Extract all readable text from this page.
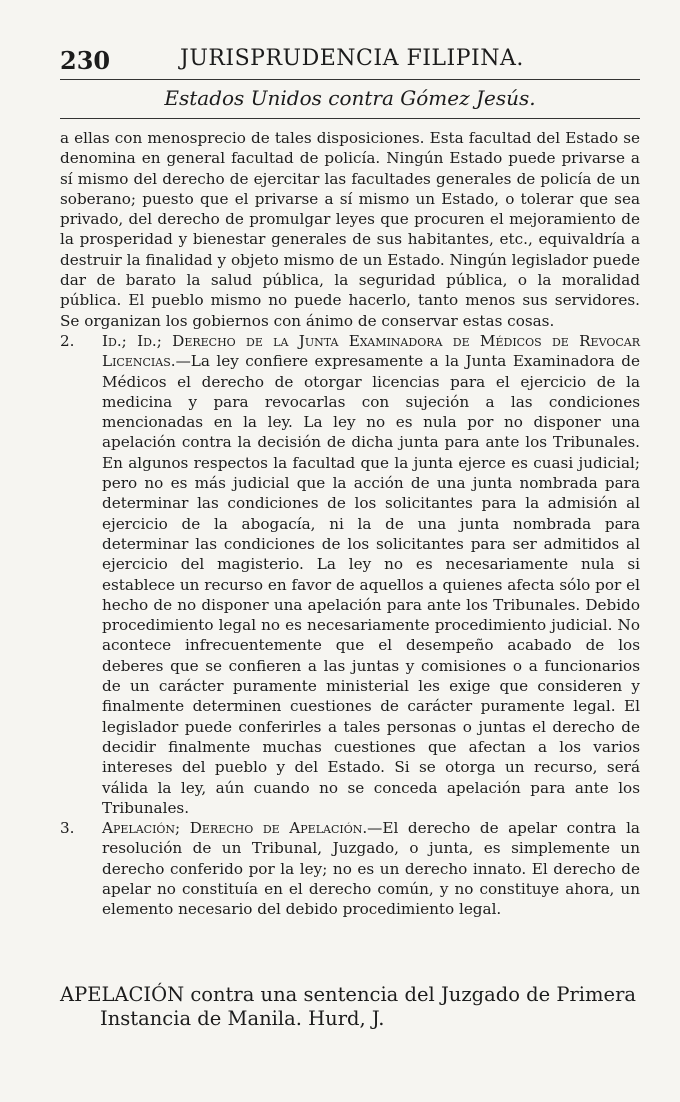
230	JURISPRUDENCIA FILIPINA.
Estados Unidos contra Gómez Jesús.

a ellas con menosprecio de tales disposiciones. Esta facultad del Estado se denomina en general facultad de policía. Ningún Estado puede privarse a sí mismo del derecho de ejercitar las facultades generales de policía de un soberano; puesto que el privarse a sí mismo un Estado, o tolerar que sea privado, del derecho de promulgar leyes que procuren el mejoramiento de la prosperidad y bienestar generales de sus habitantes, etc., equivaldría a destruir la finalidad y objeto mismo de un Estado. Ningún legislador puede dar de barato la salud pública, la seguridad pública, o la moralidad pública. El pueblo mismo no puede hacerlo, tanto menos sus servidores. Se organizan los gobiernos con ánimo de conservar estas cosas.

2. Id.; Id.; Derecho de la Junta Examinadora de Médicos de Revocar Licencias.—La ley confiere expresamente a la Junta Examinadora de Médicos el derecho de otorgar licencias para el ejercicio de la medicina y para revocarlas con sujeción a las condiciones mencionadas en la ley. La ley no es nula por no disponer una apelación contra la decisión de dicha junta para ante los Tribunales. En algunos respectos la facultad que la junta ejerce es cuasi judicial; pero no es más judicial que la acción de una junta nombrada para determinar las condiciones de los solicitantes para la admisión al ejercicio de la abogacía, ni la de una junta nombrada para determinar las condiciones de los solicitantes para ser admitidos al ejercicio del magisterio. La ley no es necesariamente nula si establece un recurso en favor de aquellos a quienes afecta sólo por el hecho de no disponer una apelación para ante los Tribunales. Debido procedimiento legal no es necesariamente procedimiento judicial. No acontece infrecuentemente que el desempeño acabado de los deberes que se confieren a las juntas y comisiones o a funcionarios de un carácter puramente ministerial les exige que consideren y finalmente determinen cuestiones de carácter puramente legal. El legislador puede conferirles a tales personas o juntas el derecho de decidir finalmente muchas cuestiones que afectan a los varios intereses del pueblo y del Estado. Si se otorga un recurso, será válida la ley, aún cuando no se conceda apelación para ante los Tribunales.
3. Apelación; Derecho de Apelación.—El derecho de apelar contra la resolución de un Tribunal, Juzgado, o junta, es simplemente un derecho conferido por la ley; no es un derecho innato. El derecho de apelar no constituía en el derecho común, y no constituye ahora, un elemento necesario del debido procedimiento legal.
APELACIÓN contra una sentencia del Juzgado de Primera
Instancia de Manila. Hurd, J.
